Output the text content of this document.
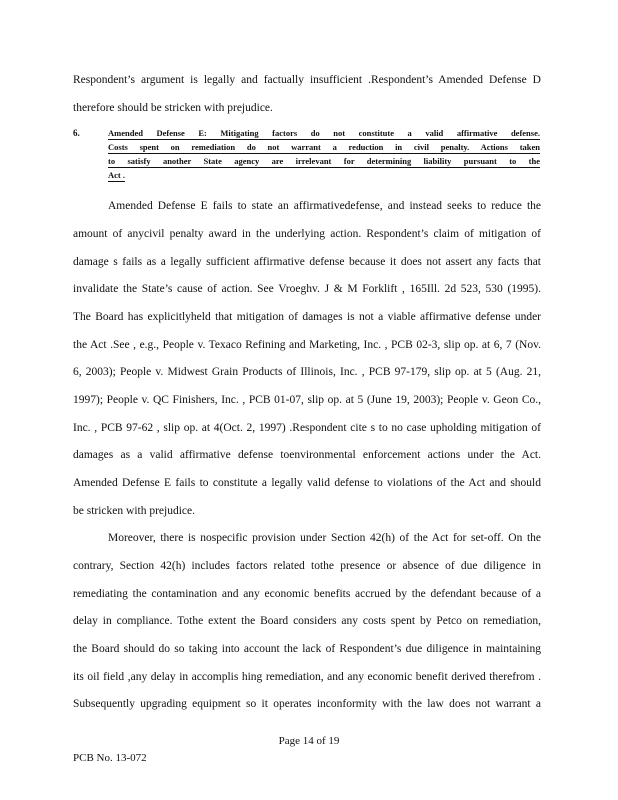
Respondent’s argument is legally and factually insufficient .Respondent’s Amended Defense D
therefore should be stricken with prejudice.
6.	Amended Defense E: Mitigating factors do not constitute a valid affirmative defense.
Costs spent on remediation do not warrant a reduction in civil penalty. Actions taken
to satisfy another State agency are irrelevant for determining liability pursuant to the
Act .
Amended Defense E fails to state an affirmativedefense, and instead seeks to reduce the
amount of anycivil penalty award in the underlying action. Respondent’s claim of mitigation of
damage s fails as a legally sufficient affirmative defense because it does not assert any facts that
invalidate the State’s cause of action. See Vroeghv. J & M Forklift , 165Ill. 2d 523, 530 (1995).
The Board has explicitlyheld that mitigation of damages is not a viable affirmative defense under
the Act .See , e.g., People v. Texaco Refining and Marketing, Inc. , PCB 02-3, slip op. at 6, 7 (Nov.
6, 2003); People v. Midwest Grain Products of Illinois, Inc. , PCB 97-179, slip op. at 5 (Aug. 21,
1997); People v. QC Finishers, Inc. , PCB 01-07, slip op. at 5 (June 19, 2003); People v. Geon Co.,
Inc. , PCB 97-62 , slip op. at 4(Oct. 2, 1997) .Respondent cite s to no case upholding mitigation of
damages as a valid affirmative defense toenvironmental enforcement actions under the Act.
Amended Defense E fails to constitute a legally valid defense to violations of the Act and should
be stricken with prejudice.
Moreover, there is nospecific provision under Section 42(h) of the Act for set-off. On the
contrary, Section 42(h) includes factors related tothe presence or absence of due diligence in
remediating the contamination and any economic benefits accrued by the defendant because of a
delay in compliance. Tothe extent the Board considers any costs spent by Petco on remediation,
the Board should do so taking into account the lack of Respondent’s due diligence in maintaining
its oil field ,any delay in accomplis hing remediation, and any economic benefit derived therefrom .
Subsequently upgrading equipment so it operates inconformity with the law does not warrant a
Page 14 of 19
PCB No. 13-072
